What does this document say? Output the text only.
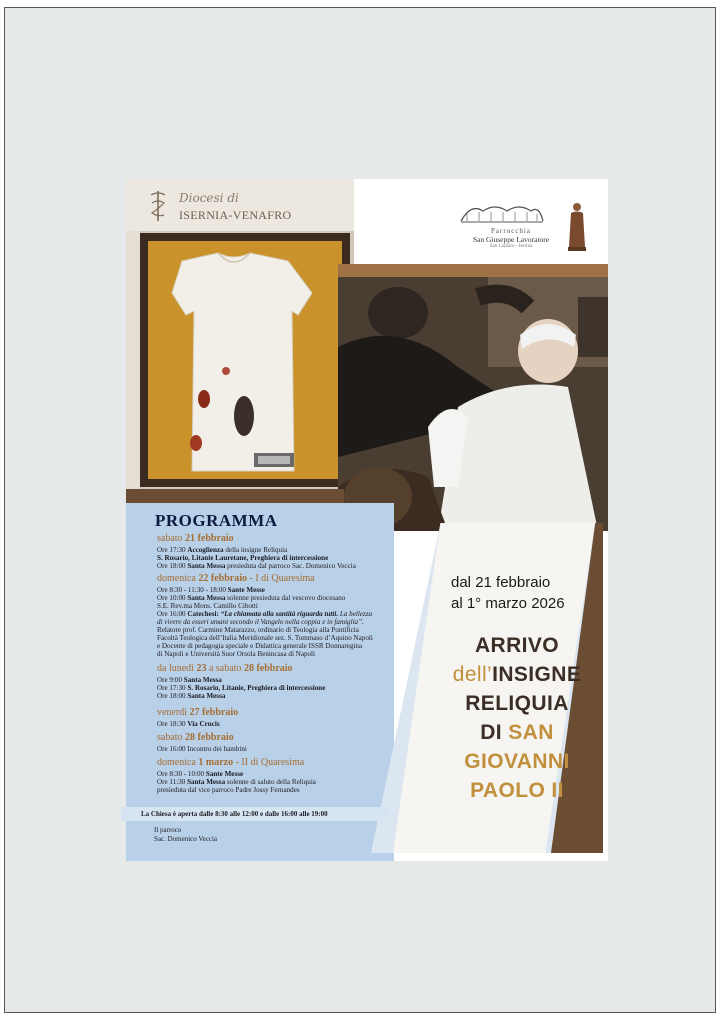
Diocesi di
ISERNIA-VENAFRO
Parrocchia
San Giuseppe Lavoratore
San Lazzaro - Isernia
PROGRAMMA
sabato 21 febbraio
Ore 17:30 Accoglienza della insigne Reliquia
S. Rosario, Litanie Lauretane, Preghiera di intercessione
Ore 18:00 Santa Messa presieduta dal parroco Sac. Domenico Veccia
domenica 22 febbraio - I di Quaresima
Ore 8:30 - 11:30 - 18:00 Sante Messe
Ore 10:00 Santa Messa solenne presieduta dal vescovo diocesano
S.E. Rev.ma Mons. Camillo Cibotti
Ore 16:00 Catechesi: “La chiamata alla santità riguarda tutti. La bellezza
di vivere da esseri umani secondo il Vangelo nella coppia e in famiglia”.
Relatore prof. Carmine Matarazzo, ordinario di Teologia alla Pontificia
Facoltà Teologica dell’Italia Meridionale sez. S. Tommaso d’Aquino Napoli
e Docente di pedagogia speciale e Didattica generale ISSR Donnaregina
di Napoli e Università Suor Orsola Benincasa di Napoli
da lunedì 23 a sabato 28 febbraio
Ore 9:00 Santa Messa
Ore 17:30 S. Rosario, Litanie, Preghiera di intercessione
Ore 18:00 Santa Messa
venerdì 27 febbraio
Ore 18:30 Via Crucis
sabato 28 febbraio
Ore 16:00 Incontro dei bambini
domenica 1 marzo - II di Quaresima
Ore 8:30 - 10:00 Sante Messe
Ore 11:30 Santa Messa solenne di saluto della Reliquia
presieduta dal vice parroco Padre Jossy Fernandes
La Chiesa è aperta dalle 8:30 alle 12:00 e dalle 16:00 alle 19:00
Il parroco
Sac. Domenico Veccia
dal 21 febbraio
al 1° marzo 2026
ARRIVO
dell’INSIGNE
RELIQUIA
DI SAN
GIOVANNI
PAOLO II
